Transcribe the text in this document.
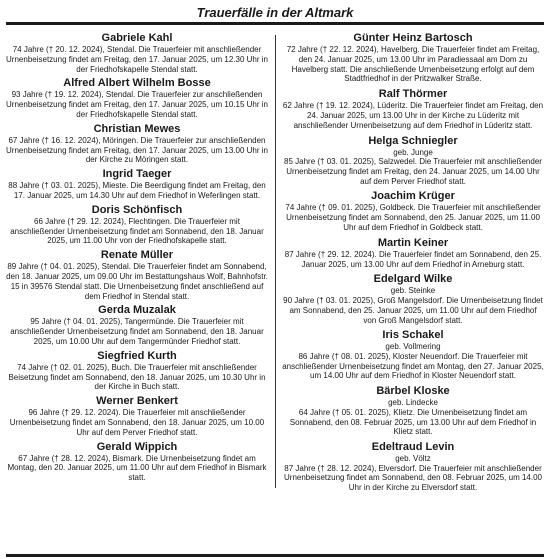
Trauerfälle in der Altmark
Gabriele Kahl
74 Jahre († 20. 12. 2024), Stendal. Die Trauerfeier mit anschließender Urnenbeisetzung findet am Freitag, den 17. Januar 2025, um 12.30 Uhr in der Friedhofskapelle Stendal statt.
Alfred Albert Wilhelm Bosse
93 Jahre († 19. 12. 2024), Stendal. Die Trauerfeier zur anschließenden Urnenbeisetzung findet am Freitag, den 17. Januar 2025, um 10.15 Uhr in der Friedhofskapelle Stendal statt.
Christian Mewes
67 Jahre († 16. 12. 2024), Möringen. Die Trauerfeier zur anschließenden Urnenbeisetzung findet am Freitag, den 17. Januar 2025, um 13.00 Uhr in der Kirche zu Möringen statt.
Ingrid Taeger
88 Jahre († 03. 01. 2025), Mieste. Die Beerdigung findet am Freitag, den 17. Januar 2025, um 14.30 Uhr auf dem Friedhof in Weferlingen statt.
Doris Schönfisch
66 Jahre († 29. 12. 2024), Flechtingen. Die Trauerfeier mit anschließender Urnenbeisetzung findet am Sonnabend, den 18. Januar 2025, um 11.00 Uhr von der Friedhofskapelle statt.
Renate Müller
89 Jahre († 04. 01. 2025), Stendal. Die Trauerfeier findet am Sonnabend, den 18. Januar 2025, um 09.00 Uhr im Bestattungshaus Wolf, Bahnhofstr. 15 in 39576 Stendal statt. Die Urnenbeisetzung findet anschließend auf dem Friedhof in Stendal statt.
Gerda Muzalak
95 Jahre († 04. 01. 2025), Tangermünde. Die Trauerfeier mit anschließender Urnenbeisetzung findet am Sonnabend, den 18. Januar 2025, um 10.00 Uhr auf dem Tangermünder Friedhof statt.
Siegfried Kurth
74 Jahre († 02. 01. 2025), Buch. Die Trauerfeier mit anschließender Beisetzung findet am Sonnabend, den 18. Januar 2025, um 10.30 Uhr in der Kirche in Buch statt.
Werner Benkert
96 Jahre († 29. 12. 2024). Die Trauerfeier mit anschließender Urnenbeisetzung findet am Sonnabend, den 18. Januar 2025, um 10.00 Uhr auf dem Perver Friedhof statt.
Gerald Wippich
67 Jahre († 28. 12. 2024), Bismark. Die Urnenbeisetzung findet am Montag, den 20. Januar 2025, um 11.00 Uhr auf dem Friedhof in Bismark statt.
Günter Heinz Bartosch
72 Jahre († 22. 12. 2024), Havelberg. Die Trauerfeier findet am Freitag, den 24. Januar 2025, um 13.00 Uhr im Paradiessaal am Dom zu Havelberg statt. Die anschließende Urnenbeisetzung erfolgt auf dem Stadtfriedhof in der Pritzwalker Straße.
Ralf Thörmer
62 Jahre († 19. 12. 2024), Lüderitz. Die Trauerfeier findet am Freitag, den 24. Januar 2025, um 13.00 Uhr in der Kirche zu Lüderitz mit anschließender Urnenbeisetzung auf dem Friedhof in Lüderitz statt.
Helga Schniegler
geb. Junge
85 Jahre († 03. 01. 2025), Salzwedel. Die Trauerfeier mit anschließender Urnenbeisetzung findet am Freitag, den 24. Januar 2025, um 14.00 Uhr auf dem Perver Friedhof statt.
Joachim Krüger
74 Jahre († 09. 01. 2025), Goldbeck. Die Trauerfeier mit anschließender Urnenbeisetzung findet am Sonnabend, den 25. Januar 2025, um 11.00 Uhr auf dem Friedhof in Goldbeck statt.
Martin Keiner
87 Jahre († 29. 12. 2024). Die Trauerfeier findet am Sonnabend, den 25. Januar 2025, um 13.00 Uhr auf dem Friedhof in Arneburg statt.
Edelgard Wilke
geb. Steinke
90 Jahre († 03. 01. 2025), Groß Mangelsdorf. Die Urnenbeisetzung findet am Sonnabend, den 25. Januar 2025, um 11.00 Uhr auf dem Friedhof von Groß Mangelsdorf statt.
Iris Schakel
geb. Vollmering
86 Jahre († 08. 01. 2025), Kloster Neuendorf. Die Trauerfeier mit anschließender Urnenbeisetzung findet am Montag, den 27. Januar 2025, um 14.00 Uhr auf dem Friedhof in Kloster Neuendorf statt.
Bärbel Kloske
geb. Lindecke
64 Jahre († 05. 01. 2025), Klietz. Die Urnenbeisetzung findet am Sonnabend, den 08. Februar 2025, um 13.00 Uhr auf dem Friedhof in Klietz statt.
Edeltraud Levin
geb. Völtz
87 Jahre († 28. 12. 2024), Elversdorf. Die Trauerfeier mit anschließender Urnenbeisetzung findet am Sonnabend, den 08. Februar 2025, um 14.00 Uhr in der Kirche zu Elversdorf statt.
